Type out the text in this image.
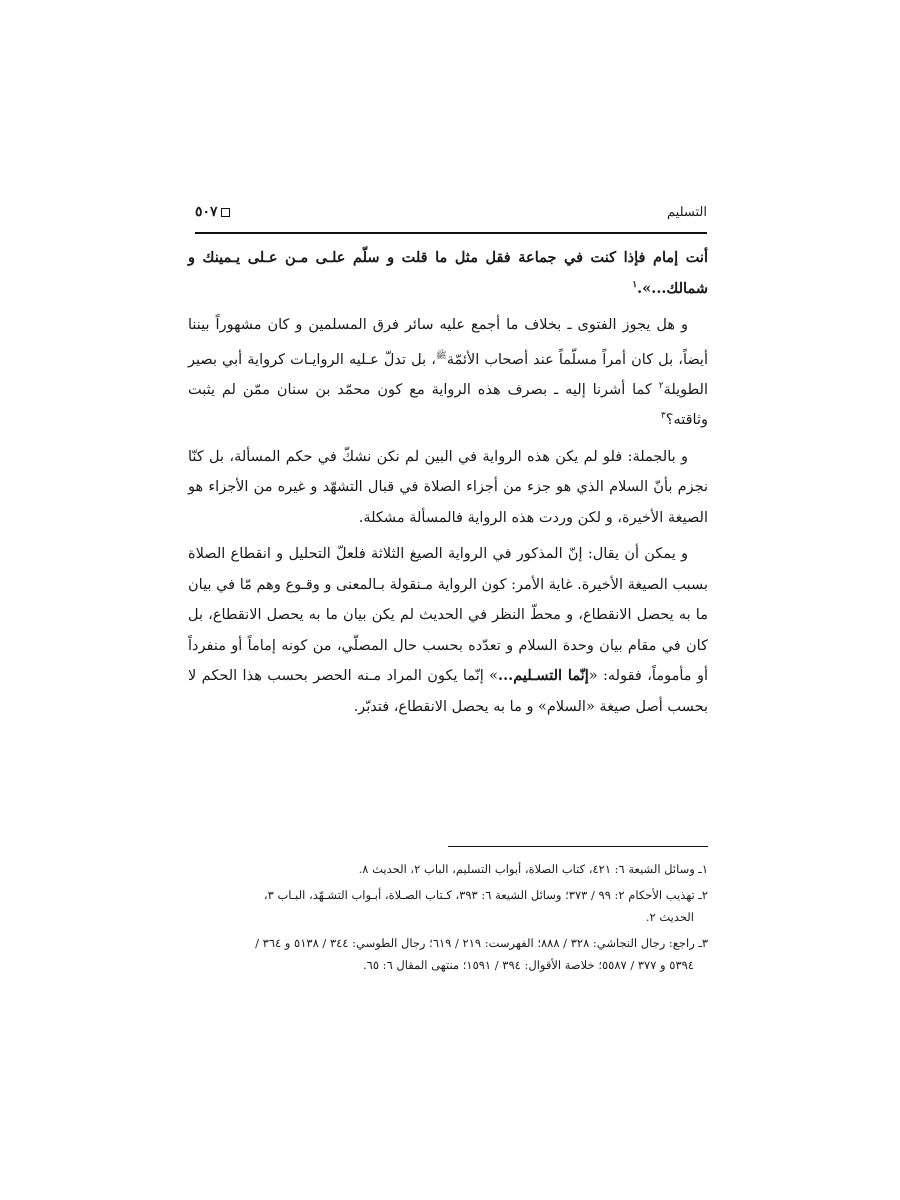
التسليم
٥٠٧

أنت إمام فإذا كنت في جماعة فقل مثل ما قلت و سلّم علـى مـن عـلى يـمينك و شمالك...».$^١$

و هل يجوز الفتوى ـ بخلاف ما أجمع عليه سائر فرق المسلمين و كان مشهوراً بيننا أيضاً، بل كان أمراً مسلّماً عند أصحاب الأئمّة$^ﷺ$، بل تدلّ عـليه الروايـات كرواية أبي بصير الطويلة$^٢$ كما أشرنا إليه ـ بصرف هذه الرواية مع كون محمّد بن سنان ممّن لم يثبت وثاقته؟$^٣$

و بالجملة: فلو لم يكن هذه الرواية في البين لم نكن نشكّ في حكم المسألة، بل كنّا نجزم بأنّ السلام الذي هو جزء من أجزاء الصلاة في قبال التشهّد و غيره من الأجزاء هو الصيغة الأخيرة، و لكن وردت هذه الرواية فالمسألة مشكلة.

و يمكن أن يقال: إنّ المذكور في الرواية الصيغ الثلاثة فلعلّ التحليل و انقطاع الصلاة بسبب الصيغة الأخيرة. غاية الأمر: كون الرواية مـنقولة بـالمعنى و وقـوع وهم مّا في بيان ما به يحصل الانقطاع، و محطّ النظر في الحديث لم يكن بيان ما به يحصل الانقطاع، بل كان في مقام بيان وحدة السلام و تعدّده بحسب حال المصلّي، من كونه إماماً أو منفرداً أو مأموماً، فقوله: «إنّما التسـليم...» إنّما يكون المراد مـنه الحصر بحسب هذا الحكم لا بحسب أصل صيغة «السلام» و ما به يحصل الانقطاع، فتدبّر.

١ـ وسائل الشيعة ٦: ٤٢١، كتاب الصلاة، أبواب التسليم، الباب ٢، الحديث ٨.
٢ـ تهذيب الأحكام ٢: ٩٩ / ٣٧٣؛ وسائل الشيعة ٦: ٣٩٣، كـتاب الصـلاة، أبـواب التشـهّد، البـاب ٣،
الحديث ٢.
٣ـ راجع: رجال النجاشي: ٣٢٨ / ٨٨٨؛ الفهرست: ٢١٩ / ٦١٩؛ رجال الطوسي: ٣٤٤ / ٥١٣٨ و ٣٦٤ /
٥٣٩٤ و ٣٧٧ / ٥٥٨٧؛ خلاصة الأقوال: ٣٩٤ / ١٥٩١؛ منتهى المقال ٦: ٦٥.
